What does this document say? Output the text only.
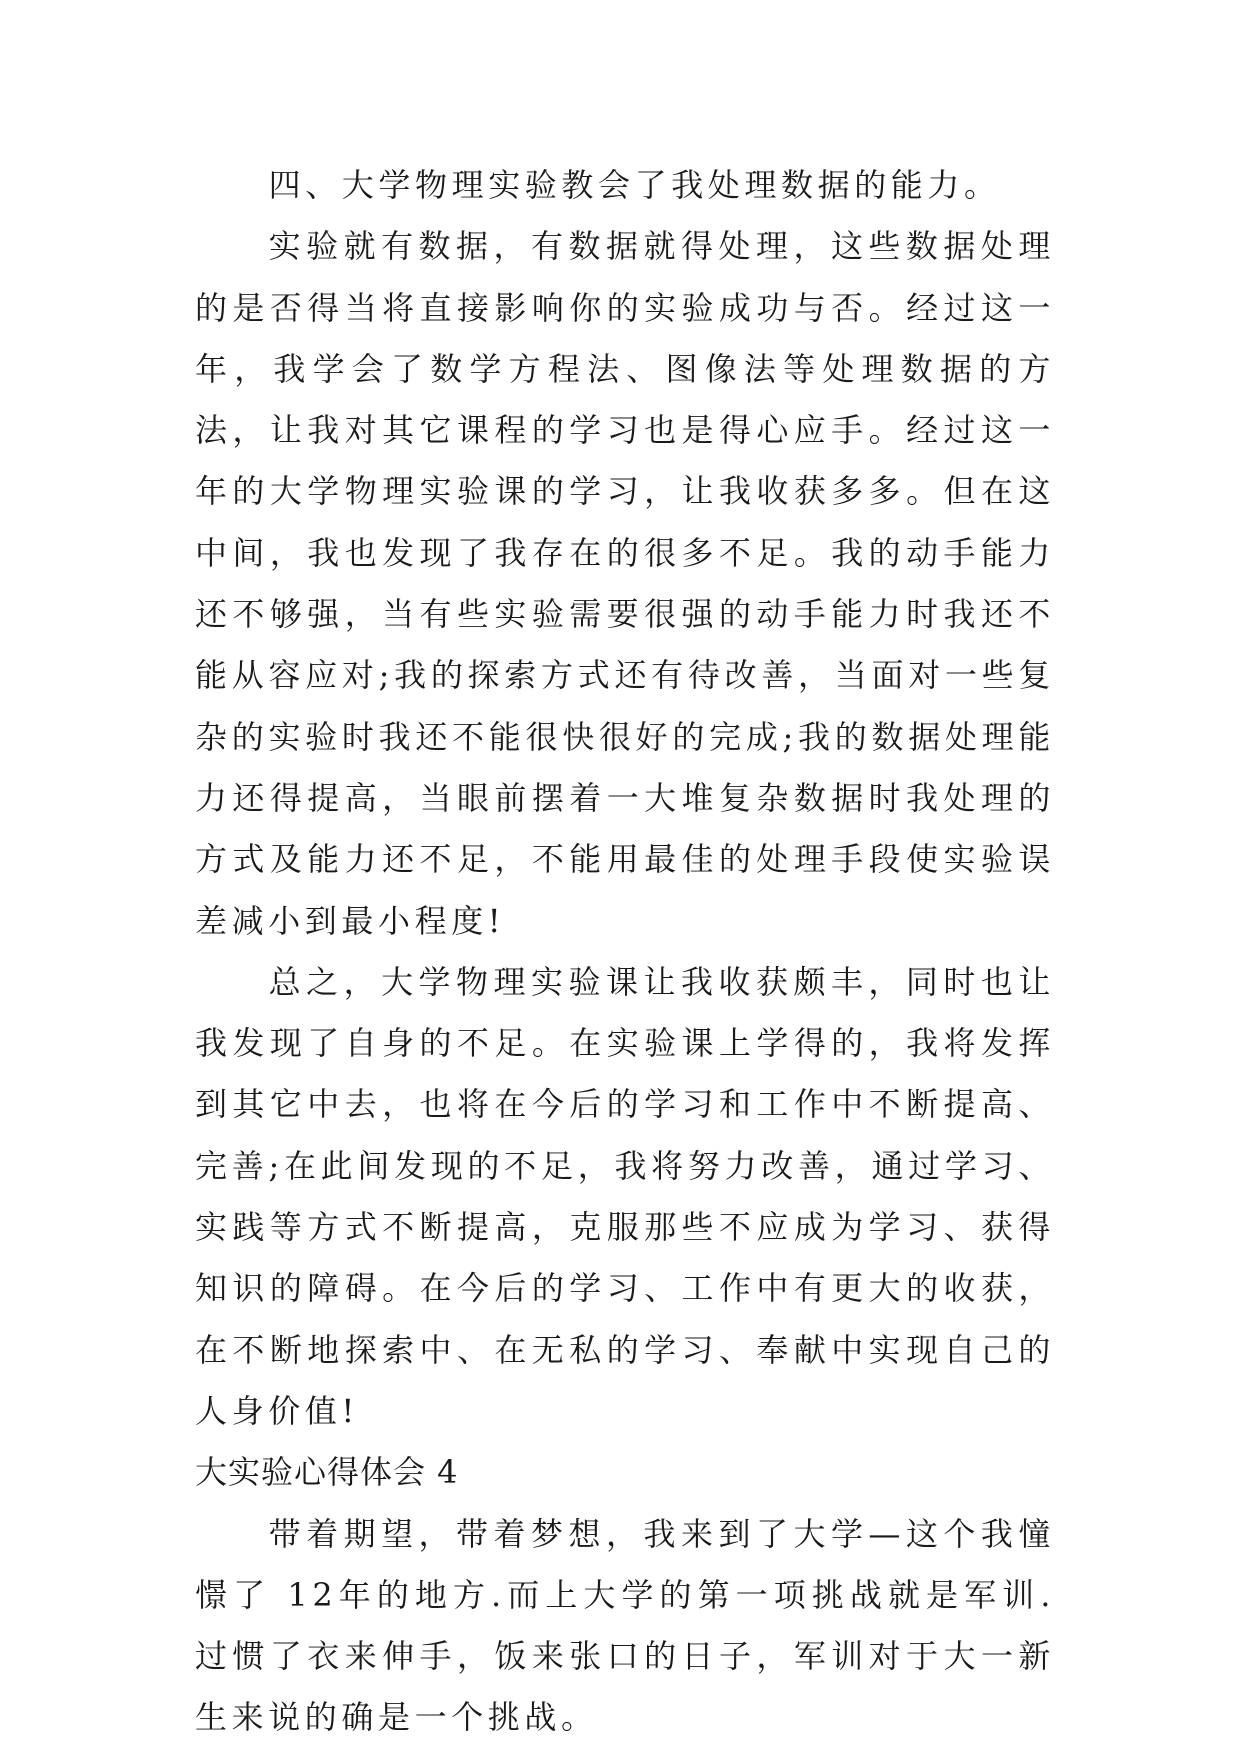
四、大学物理实验教会了我处理数据的能力。

实验就有数据，有数据就得处理，这些数据处理的是否得当将直接影响你的实验成功与否。经过这一年，我学会了数学方程法、图像法等处理数据的方法，让我对其它课程的学习也是得心应手。经过这一年的大学物理实验课的学习，让我收获多多。但在这中间，我也发现了我存在的很多不足。我的动手能力还不够强，当有些实验需要很强的动手能力时我还不能从容应对;我的探索方式还有待改善，当面对一些复杂的实验时我还不能很快很好的完成;我的数据处理能力还得提高，当眼前摆着一大堆复杂数据时我处理的方式及能力还不足，不能用最佳的处理手段使实验误差减小到最小程度!

总之，大学物理实验课让我收获颇丰，同时也让我发现了自身的不足。在实验课上学得的，我将发挥到其它中去，也将在今后的学习和工作中不断提高、完善;在此间发现的不足，我将努力改善，通过学习、实践等方式不断提高，克服那些不应成为学习、获得知识的障碍。在今后的学习、工作中有更大的收获，在不断地探索中、在无私的学习、奉献中实现自己的人身价值!

大实验心得体会 4

带着期望，带着梦想，我来到了大学—这个我憧憬了 12年的地方.而上大学的第一项挑战就是军训.过惯了衣来伸手，饭来张口的日子，军训对于大一新生来说的确是一个挑战。
